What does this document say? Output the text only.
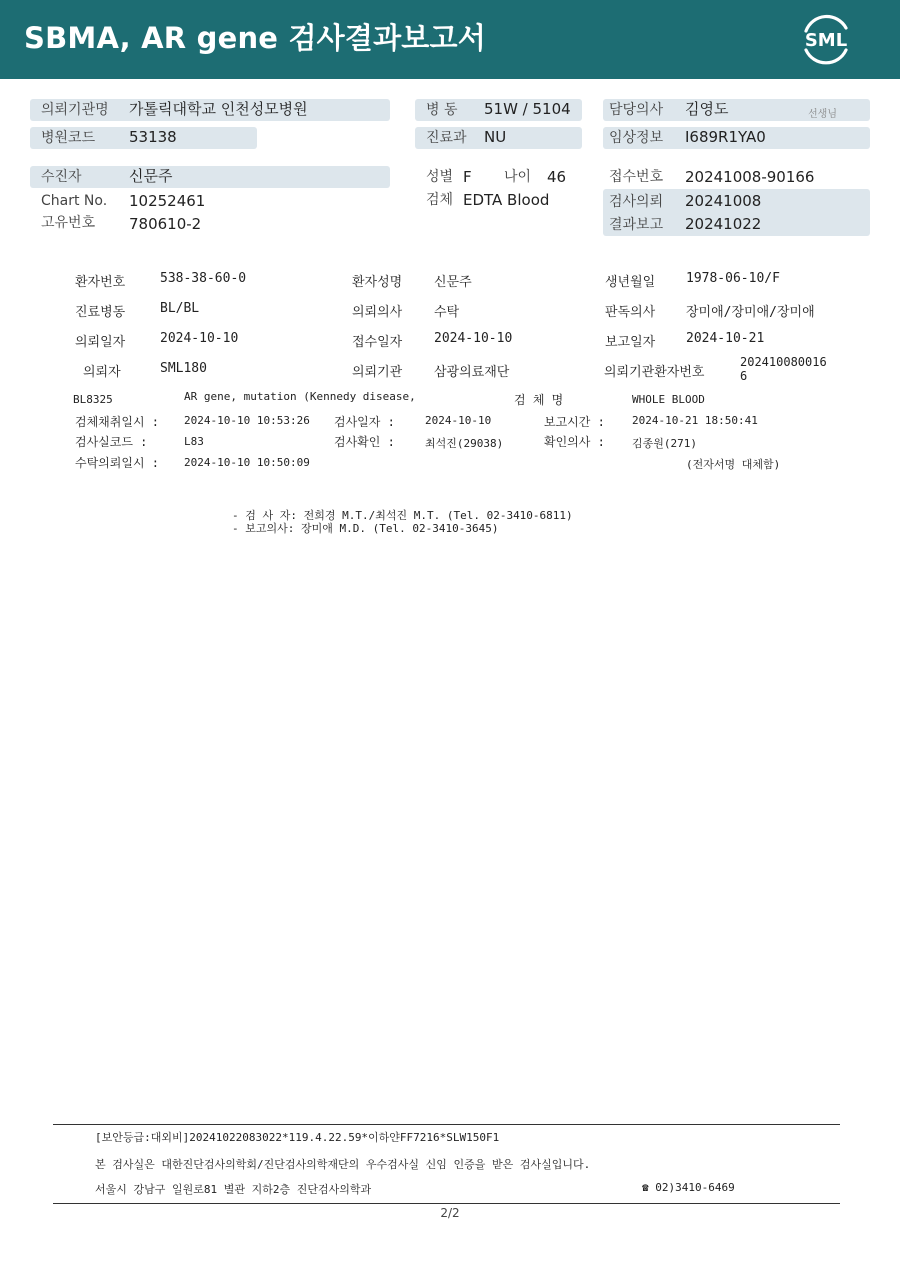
SBMA, AR gene 검사결과보고서	SML
의뢰기관명 가톨릭대학교 인천성모병원
병원코드 53138
병 동 51W / 5104
진료과 NU
담당의사 김영도	선생님
임상정보 I689R1YA0
수진자	신문주
Chart No. 10252461
고유번호 780610-2
성별 F 나이 46
검체 EDTA Blood
접수번호 20241008-90166
검사의뢰 20241008
결과보고 20241022
환자번호	538-38-60-0	환자성명 신문주	생년월일 1978-06-10/F
진료병동	BL/BL	의뢰의사 수탁	판독의사 장미애/장미애/장미애
의뢰일자	2024-10-10	접수일자 2024-10-10	보고일자 2024-10-21
의뢰자	SML180	의뢰기관 삼광의료재단	의뢰기관환자번호
202410080016
6
BL8325	AR gene, mutation (Kennedy disease,	검 체 명	WHOLE BLOOD
검체채취일시 : 2024-10-10 10:53:26 검사일자 :	2024-10-10	보고시간 : 2024-10-21 18:50:41
검사실코드 :	L83	검사확인 :	최석진(29038)	확인의사 : 김종원(271)
수탁의뢰일시 : 2024-10-10 10:50:09	(전자서명 대체함)
- 검 사 자: 전희경 M.T./최석진 M.T. (Tel. 02-3410-6811)
- 보고의사: 장미애 M.D. (Tel. 02-3410-3645)
[보안등급:대외비]20241022083022*119.4.22.59*이하얀FF7216*SLW150F1
본 검사실은 대한진단검사의학회/진단검사의학재단의 우수검사실 신임 인증을 받은 검사실입니다.
서울시 강남구 일원로81 별관 지하2층 진단검사의학과	☎ 02)3410-6469
2/2
